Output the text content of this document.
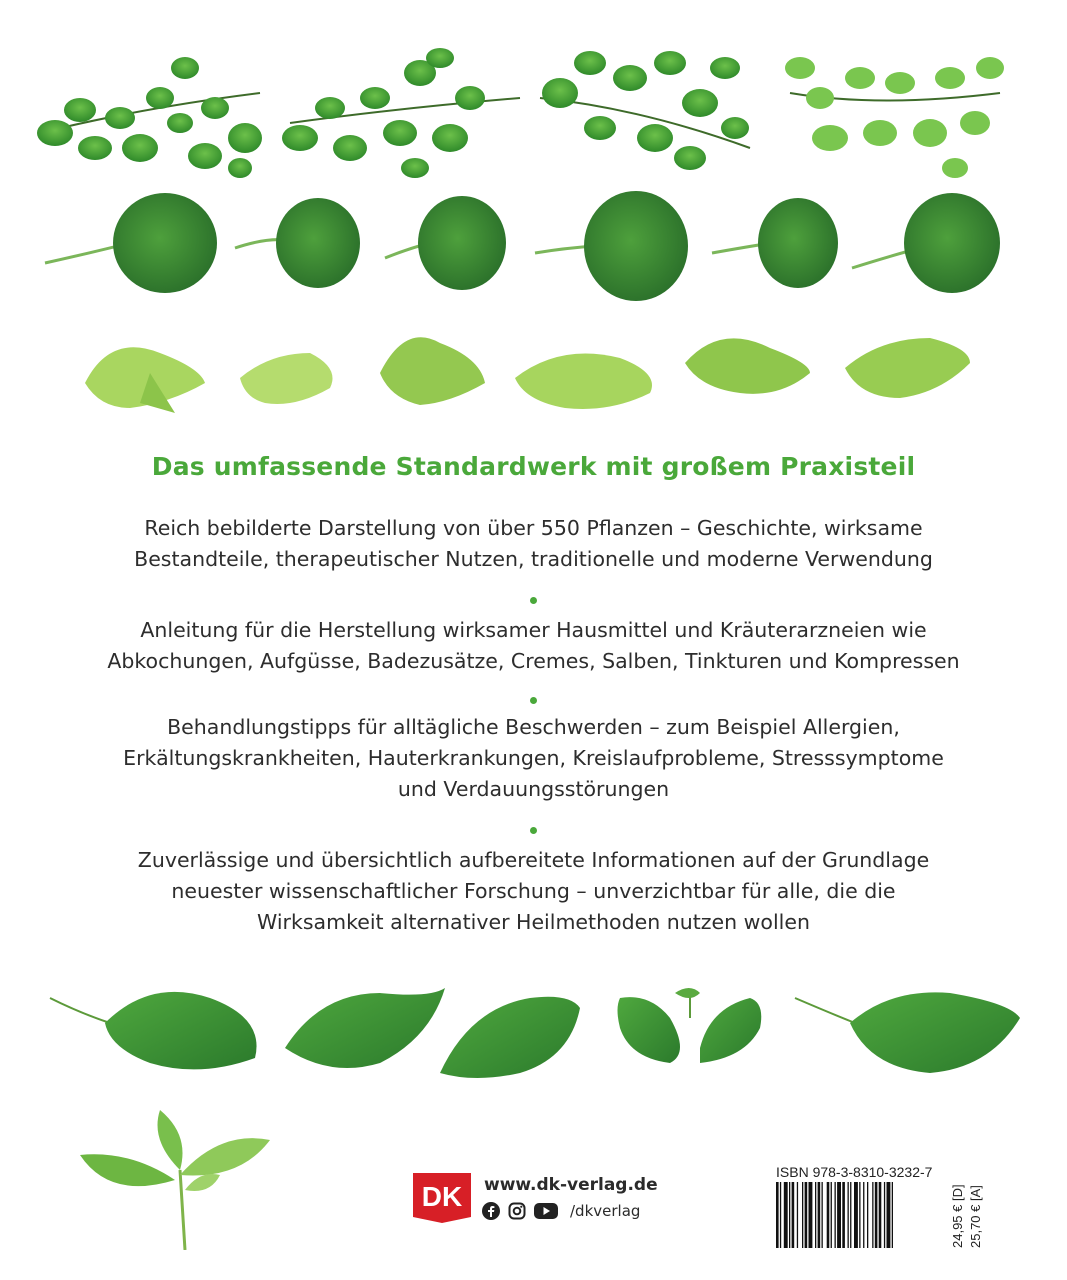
Das umfassende Standardwerk mit großem Praxisteil

Reich bebilderte Darstellung von über 550 Pflanzen – Geschichte, wirksame

Bestandteile, therapeutischer Nutzen, traditionelle und moderne Verwendung

Anleitung für die Herstellung wirksamer Hausmittel und Kräuterarzneien wie

Abkochungen, Aufgüsse, Badezusätze, Cremes, Salben, Tinkturen und Kompressen

Behandlungstipps für alltägliche Beschwerden – zum Beispiel Allergien,

Erkältungskrankheiten, Hauterkrankungen, Kreislaufprobleme, Stresssymptome

und Verdauungsstörungen

Zuverlässige und übersichtlich aufbereitete Informationen auf der Grundlage

neuester wissenschaftlicher Forschung – unverzichtbar für alle, die die

Wirksamkeit alternativer Heilmethoden nutzen wollen

DK www.dk-verlag.de
/dkverlag
ISBN 978-3-8310-3232-7
24,95 € [D] 25,70 € [A]
